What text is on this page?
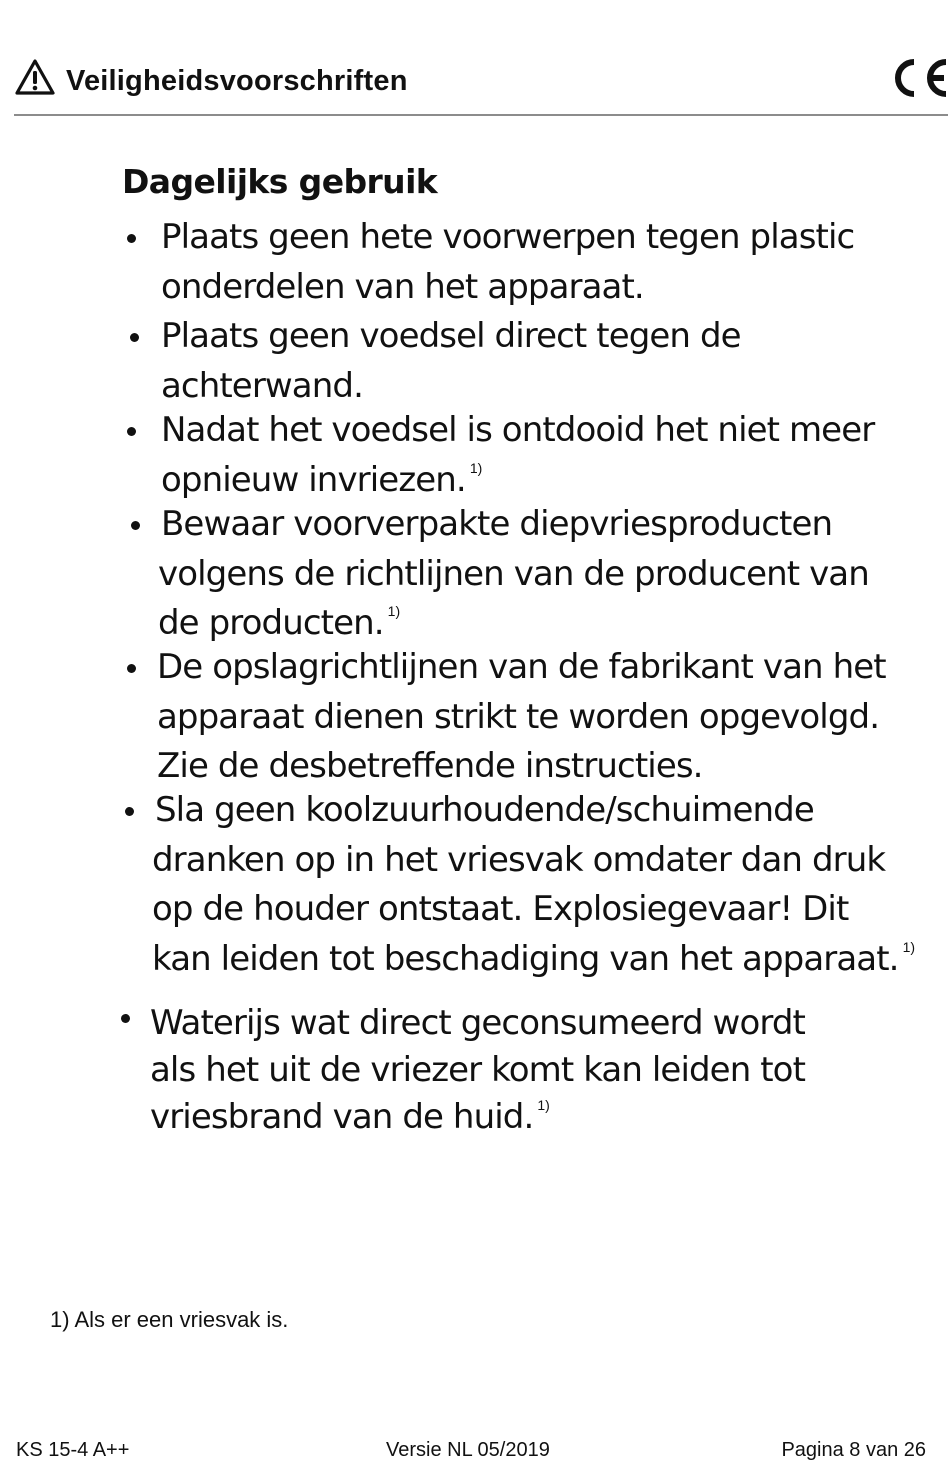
Veiligheidsvoorschriften
Dagelijks gebruik
Plaats geen hete voorwerpen tegen plastic
onderdelen van het apparaat.
Plaats geen voedsel direct tegen de
achterwand.
Nadat het voedsel is ontdooid het niet meer
opnieuw invriezen. $^{1)}$
Bewaar voorverpakte diepvriesproducten
volgens de richtlijnen van de producent van
de producten. $^{1)}$
De opslagrichtlijnen van de fabrikant van het
apparaat dienen strikt te worden opgevolgd.
Zie de desbetreffende instructies.
Sla geen koolzuurhoudende/schuimende
dranken op in het vriesvak omdater dan druk
op de houder ontstaat. Explosiegevaar! Dit
kan leiden tot beschadiging van het apparaat. $^{1)}$
Waterijs wat direct geconsumeerd wordt
als het uit de vriezer komt kan leiden tot
vriesbrand van de huid. $^{1)}$
1) Als er een vriesvak is.
KS 15-4 A++	Versie NL 05/2019	Pagina 8 van 26
